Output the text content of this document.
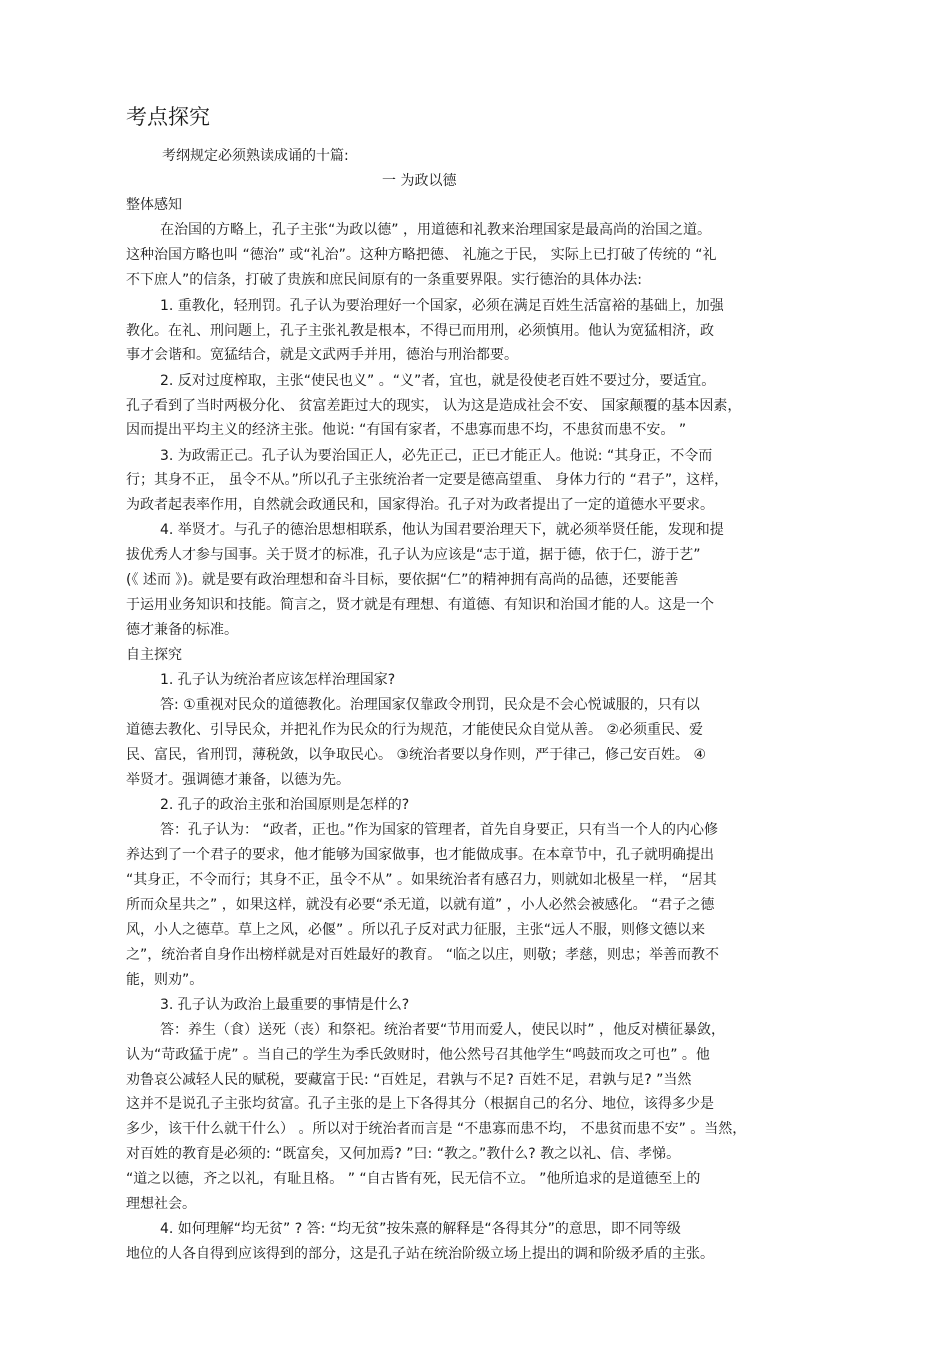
考点探究
考纲规定必须熟读成诵的十篇:
一 为政以德
整体感知
在治国的方略上，孔子主张“为政以德” ，用道德和礼教来治理国家是最高尚的治国之道。
这种治国方略也叫 “德治” 或“礼治”。这种方略把德、 礼施之于民， 实际上已打破了传统的 “礼
不下庶人”的信条，打破了贵族和庶民间原有的一条重要界限。实行德治的具体办法:
1. 重教化，轻刑罚。孔子认为要治理好一个国家，必须在满足百姓生活富裕的基础上，加强
教化。在礼、刑问题上，孔子主张礼教是根本，不得已而用刑，必须慎用。他认为宽猛相济，政
事才会谐和。宽猛结合，就是文武两手并用，德治与刑治都要。
2. 反对过度榨取，主张“使民也义” 。“义”者，宜也，就是役使老百姓不要过分，要适宜。
孔子看到了当时两极分化、 贫富差距过大的现实， 认为这是造成社会不安、 国家颠覆的基本因素，
因而提出平均主义的经济主张。他说: “有国有家者，不患寡而患不均，不患贫而患不安。 ”
3. 为政需正己。孔子认为要治国正人，必先正己，正已才能正人。他说: “其身正，不令而
行；其身不正， 虽令不从。”所以孔子主张统治者一定要是德高望重、 身体力行的 “君子”，这样，
为政者起表率作用，自然就会政通民和，国家得治。孔子对为政者提出了一定的道德水平要求。
4. 举贤才。与孔子的德治思想相联系，他认为国君要治理天下，就必须举贤任能，发现和提
拔优秀人才参与国事。关于贤才的标准，孔子认为应该是“志于道，据于德，依于仁，游于艺”
(《 述而 》)。就是要有政治理想和奋斗目标，要依据“仁”的精神拥有高尚的品德，还要能善
于运用业务知识和技能。简言之，贤才就是有理想、有道德、有知识和治国才能的人。这是一个
德才兼备的标准。
自主探究
1. 孔子认为统治者应该怎样治理国家?
答: ①重视对民众的道德教化。治理国家仅靠政令刑罚，民众是不会心悦诚服的，只有以
道德去教化、引导民众，并把礼作为民众的行为规范，才能使民众自觉从善。 ②必须重民、爱
民、富民，省刑罚，薄税敛，以争取民心。 ③统治者要以身作则，严于律己，修己安百姓。 ④
举贤才。强调德才兼备，以德为先。
2. 孔子的政治主张和治国原则是怎样的?
答：孔子认为： “政者，正也。”作为国家的管理者，首先自身要正，只有当一个人的内心修
养达到了一个君子的要求，他才能够为国家做事，也才能做成事。在本章节中，孔子就明确提出
“其身正，不令而行；其身不正，虽令不从” 。如果统治者有感召力，则就如北极星一样， “居其
所而众星共之” ，如果这样，就没有必要“杀无道，以就有道” ，小人必然会被感化。 “君子之德
风，小人之德草。草上之风，必偃” 。所以孔子反对武力征服，主张“远人不服，则修文德以来
之”，统治者自身作出榜样就是对百姓最好的教育。 “临之以庄，则敬；孝慈，则忠；举善而教不
能，则劝”。
3. 孔子认为政治上最重要的事情是什么?
答：养生（食）送死（丧）和祭祀。统治者要“节用而爱人，使民以时” ，他反对横征暴敛，
认为“苛政猛于虎” 。当自己的学生为季氏敛财时，他公然号召其他学生“鸣鼓而攻之可也” 。他
劝鲁哀公减轻人民的赋税，要藏富于民: “百姓足，君孰与不足? 百姓不足，君孰与足? ”当然
这并不是说孔子主张均贫富。孔子主张的是上下各得其分（根据自己的名分、地位，该得多少是
多少，该干什么就干什么） 。所以对于统治者而言是 “不患寡而患不均， 不患贫而患不安” 。当然，
对百姓的教育是必须的: “既富矣，又何加焉? ”曰: “教之。”教什么? 教之以礼、信、孝悌。
“道之以德，齐之以礼，有耻且格。 ” “自古皆有死，民无信不立。 ”他所追求的是道德至上的
理想社会。
4. 如何理解“均无贫” ? 答: “均无贫”按朱熹的解释是“各得其分”的意思，即不同等级
地位的人各自得到应该得到的部分，这是孔子站在统治阶级立场上提出的调和阶级矛盾的主张。
